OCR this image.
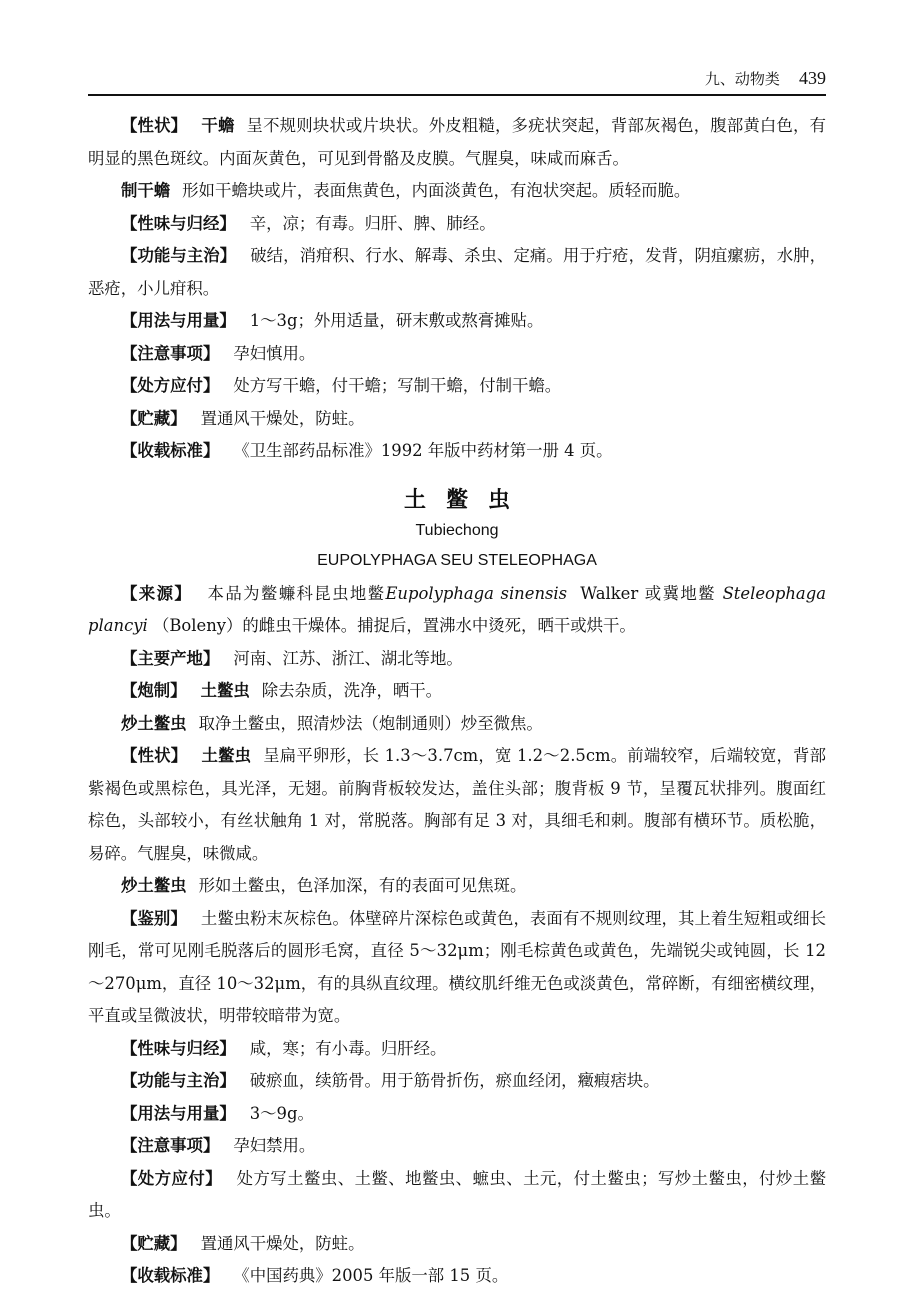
九、动物类 439

【性状】 干蟾 呈不规则块状或片块状。外皮粗糙，多疣状突起，背部灰褐色，腹部黄白色，有明显的黑色斑纹。内面灰黄色，可见到骨骼及皮膜。气腥臭，味咸而麻舌。

制干蟾 形如干蟾块或片，表面焦黄色，内面淡黄色，有泡状突起。质轻而脆。

【性味与归经】 辛，凉；有毒。归肝、脾、肺经。

【功能与主治】 破结，消疳积、行水、解毒、杀虫、定痛。用于疔疮，发背，阴疽瘰疬，水肿，恶疮，小儿疳积。

【用法与用量】 1～3g；外用适量，研末敷或熬膏摊贴。

【注意事项】 孕妇慎用。

【处方应付】 处方写干蟾，付干蟾；写制干蟾，付制干蟾。

【贮藏】 置通风干燥处，防蛀。

【收载标准】 《卫生部药品标准》1992 年版中药材第一册 4 页。

土鳖虫

Tubiechong

EUPOLYPHAGA SEU STELEOPHAGA

【来源】 本品为鳖蠊科昆虫地鳖Eupolyphaga sinensis Walker 或冀地鳖 Steleophaga plancyi （Boleny）的雌虫干燥体。捕捉后，置沸水中烫死，晒干或烘干。

【主要产地】 河南、江苏、浙江、湖北等地。

【炮制】 土鳖虫 除去杂质，洗净，晒干。

炒土鳖虫 取净土鳖虫，照清炒法（炮制通则）炒至微焦。

【性状】 土鳖虫 呈扁平卵形，长 1.3～3.7cm，宽 1.2～2.5cm。前端较窄，后端较宽，背部紫褐色或黑棕色，具光泽，无翅。前胸背板较发达，盖住头部；腹背板 9 节，呈覆瓦状排列。腹面红棕色，头部较小，有丝状触角 1 对，常脱落。胸部有足 3 对，具细毛和刺。腹部有横环节。质松脆，易碎。气腥臭，味微咸。

炒土鳖虫 形如土鳖虫，色泽加深，有的表面可见焦斑。

【鉴别】 土鳖虫粉末灰棕色。体壁碎片深棕色或黄色，表面有不规则纹理，其上着生短粗或细长刚毛，常可见刚毛脱落后的圆形毛窝，直径 5～32μm；刚毛棕黄色或黄色，先端锐尖或钝圆，长 12～270μm，直径 10～32μm，有的具纵直纹理。横纹肌纤维无色或淡黄色，常碎断，有细密横纹理，平直或呈微波状，明带较暗带为宽。

【性味与归经】 咸，寒；有小毒。归肝经。

【功能与主治】 破瘀血，续筋骨。用于筋骨折伤，瘀血经闭，癥瘕痞块。

【用法与用量】 3～9g。

【注意事项】 孕妇禁用。

【处方应付】 处方写土鳖虫、土鳖、地鳖虫、蟅虫、土元，付土鳖虫；写炒土鳖虫，付炒土鳖虫。

【贮藏】 置通风干燥处，防蛀。

【收载标准】 《中国药典》2005 年版一部 15 页。
